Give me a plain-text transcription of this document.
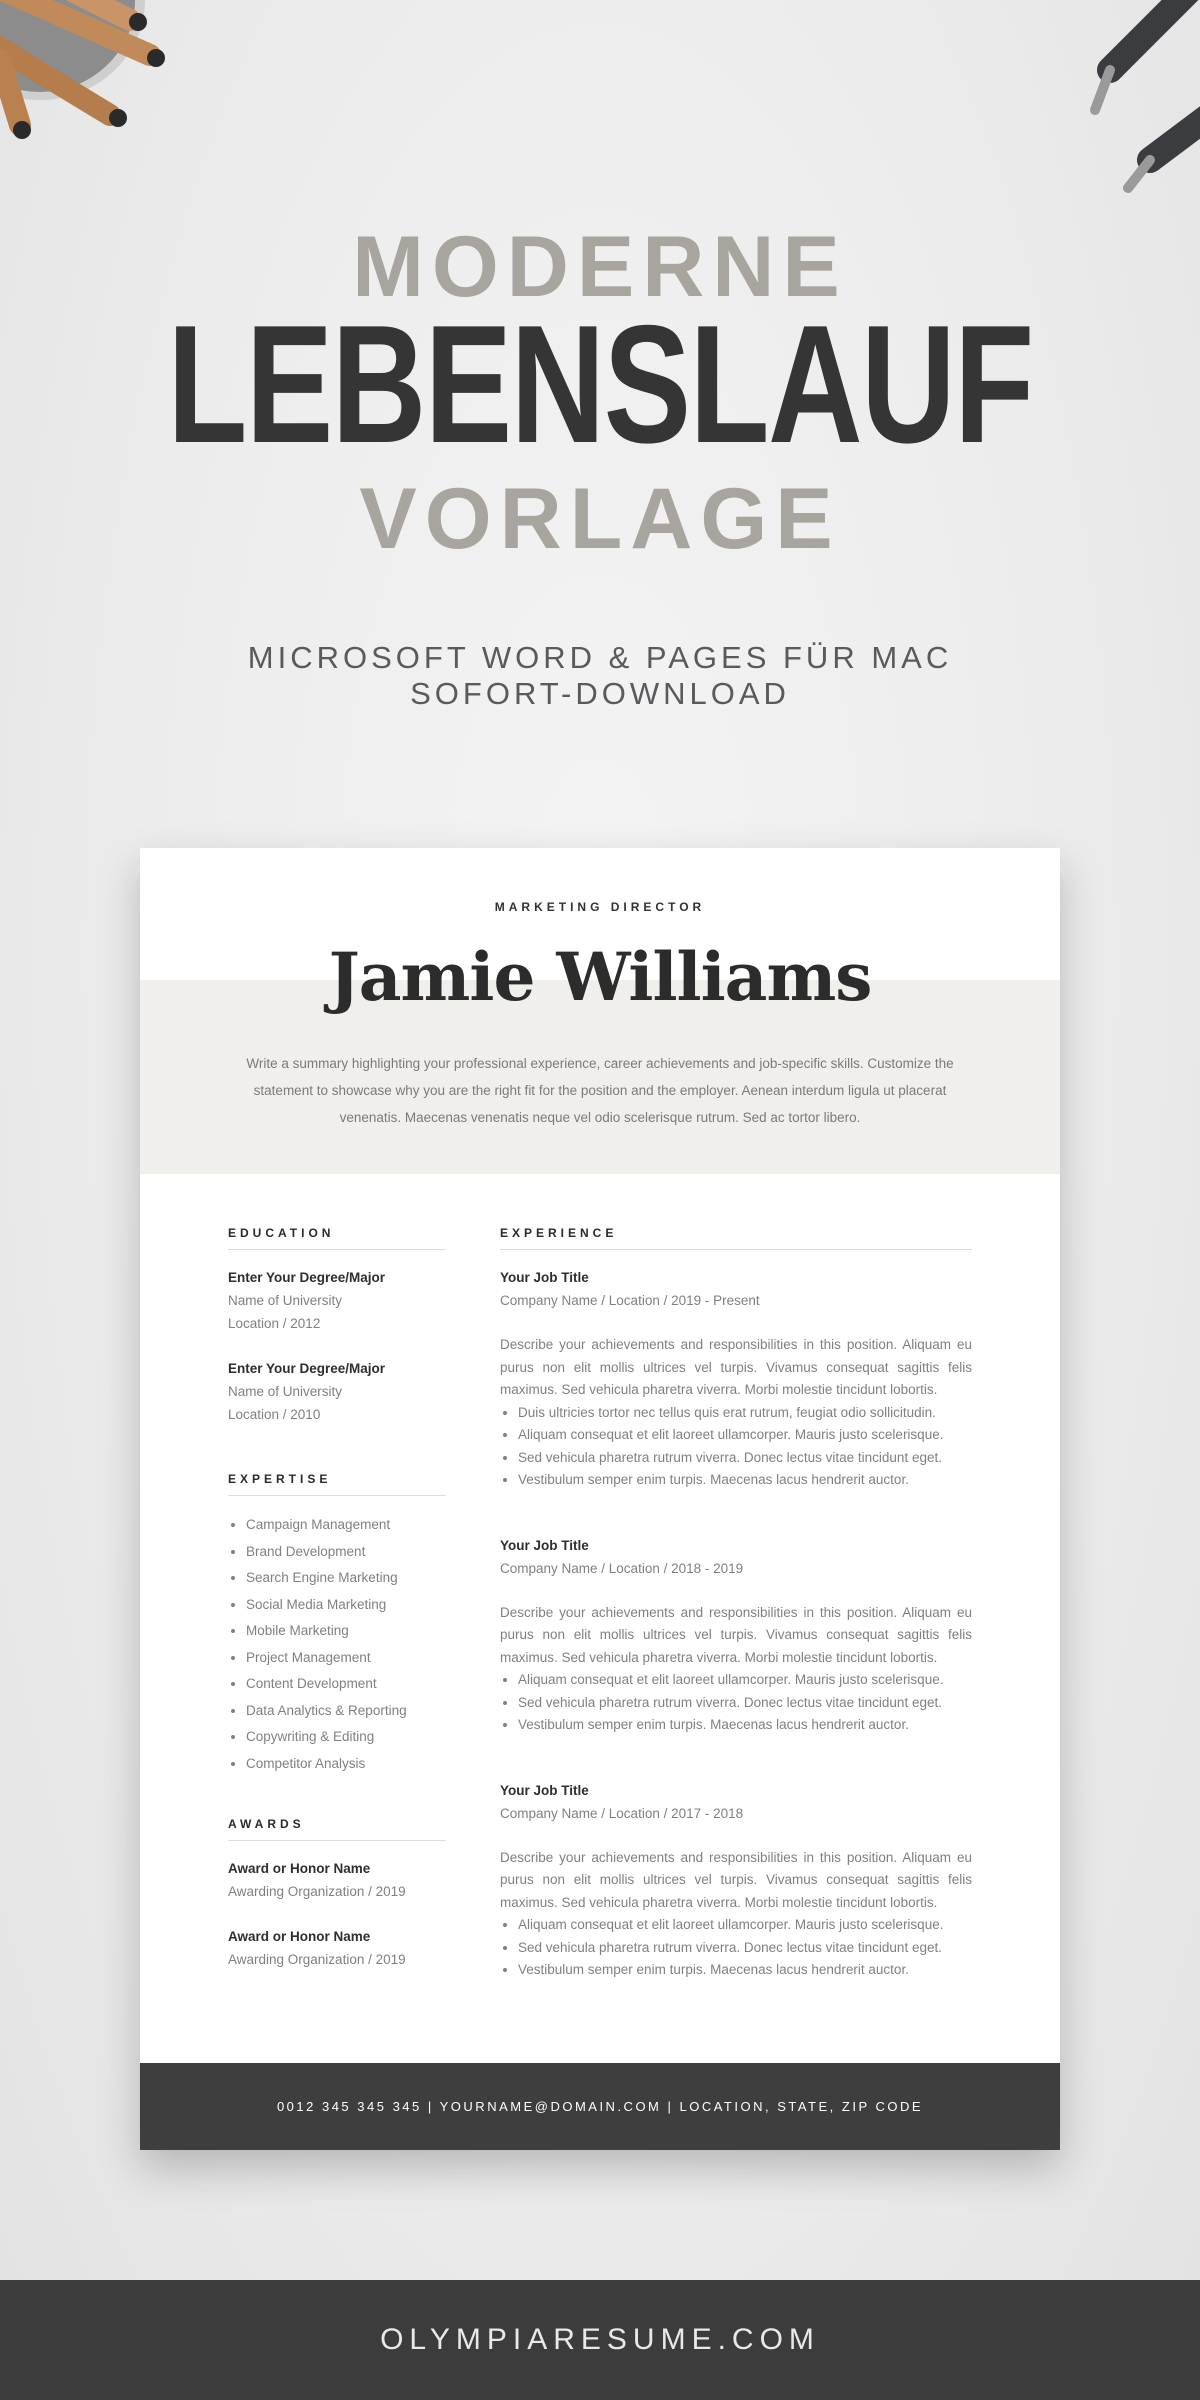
MODERNE
LEBENSLAUF
VORLAGE
MICROSOFT WORD & PAGES FÜR MAC
SOFORT-DOWNLOAD
MARKETING DIRECTOR
Jamie Williams
Write a summary highlighting your professional experience, career achievements and job-specific skills. Customize the statement to showcase why you are the right fit for the position and the employer. Aenean interdum ligula ut placerat venenatis. Maecenas venenatis neque vel odio scelerisque rutrum. Sed ac tortor libero.
EDUCATION
Enter Your Degree/Major
Name of University
Location / 2012
Enter Your Degree/Major
Name of University
Location / 2010
EXPERTISE
• Campaign Management
• Brand Development
• Search Engine Marketing
• Social Media Marketing
• Mobile Marketing
• Project Management
• Content Development
• Data Analytics & Reporting
• Copywriting & Editing
• Competitor Analysis
AWARDS
Award or Honor Name
Awarding Organization / 2019
Award or Honor Name
Awarding Organization / 2019
EXPERIENCE
Your Job Title
Company Name / Location / 2019 - Present
Describe your achievements and responsibilities in this position. Aliquam eu purus non elit mollis ultrices vel turpis. Vivamus consequat sagittis felis maximus. Sed vehicula pharetra viverra. Morbi molestie tincidunt lobortis.
• Duis ultricies tortor nec tellus quis erat rutrum, feugiat odio sollicitudin.
• Aliquam consequat et elit laoreet ullamcorper. Mauris justo scelerisque.
• Sed vehicula pharetra rutrum viverra. Donec lectus vitae tincidunt eget.
• Vestibulum semper enim turpis. Maecenas lacus hendrerit auctor.
Your Job Title
Company Name / Location / 2018 - 2019
Describe your achievements and responsibilities in this position. Aliquam eu purus non elit mollis ultrices vel turpis. Vivamus consequat sagittis felis maximus. Sed vehicula pharetra viverra. Morbi molestie tincidunt lobortis.
• Aliquam consequat et elit laoreet ullamcorper. Mauris justo scelerisque.
• Sed vehicula pharetra rutrum viverra. Donec lectus vitae tincidunt eget.
• Vestibulum semper enim turpis. Maecenas lacus hendrerit auctor.
Your Job Title
Company Name / Location / 2017 - 2018
Describe your achievements and responsibilities in this position. Aliquam eu purus non elit mollis ultrices vel turpis. Vivamus consequat sagittis felis maximus. Sed vehicula pharetra viverra. Morbi molestie tincidunt lobortis.
• Aliquam consequat et elit laoreet ullamcorper. Mauris justo scelerisque.
• Sed vehicula pharetra rutrum viverra. Donec lectus vitae tincidunt eget.
• Vestibulum semper enim turpis. Maecenas lacus hendrerit auctor.
0012 345 345 345 | YOURNAME@DOMAIN.COM | LOCATION, STATE, ZIP CODE
OLYMPIARESUME.COM
